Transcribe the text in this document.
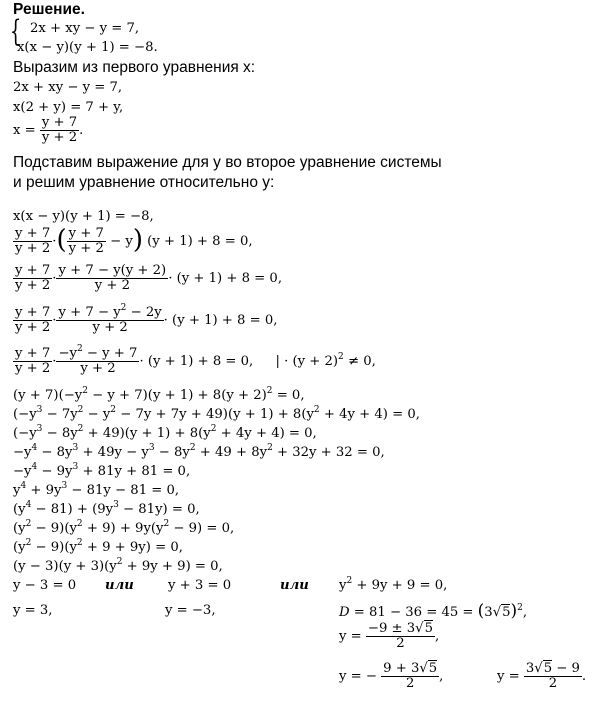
Решение.
{ 2x + xy − y = 7,
x(x − y)(y + 1) = −8.
Выразим из первого уравнения x:
2x + xy − y = 7,
x(2 + y) = 7 + y,
$x = \frac{y + 7}{y + 2}$ .
Подставим выражение для y во второе уравнение системы
и решим уравнение относительно y:
x(x − y)(y + 1) = −8,
$\frac{y + 7}{y + 2}$ ·( $\frac{y + 7}{y + 2} - y$) (y + 1) + 8 = 0,
$\frac{y + 7}{y + 2} \cdot \frac{y + 7 - y(y + 2)}{y + 2} \cdot (y + 1) + 8 = 0$,
$\frac{y + 7}{y + 2} \cdot \frac{y + 7 - y^2 - 2y}{y + 2} \cdot (y + 1) + 8 = 0$,
$\frac{y + 7}{y + 2} \cdot \frac{-y^2 - y + 7}{y + 2} \cdot (y + 1) + 8 = 0$, | · $(y + 2)^2 \ne 0$,
$(y + 7)(-y^2 - y + 7)(y + 1) + 8(y + 2)^2 = 0$,
$(-y^3 - 7y^2 - y^2 - 7y + 7y + 49)(y + 1) + 8(y^2 + 4y + 4) = 0$,
$(-y^3 - 8y^2 + 49)(y + 1) + 8(y^2 + 4y + 4) = 0$,
$-y^4 - 8y^3 + 49y - y^3 - 8y^2 + 49 + 8y^2 + 32y + 32 = 0$,
$-y^4 - 9y^3 + 81y + 81 = 0$,
$y^4 + 9y^3 - 81y - 81 = 0$,
$(y^4 - 81) + (9y^3 - 81y) = 0$,
$(y^2 - 9)(y^2 + 9) + 9y(y^2 - 9) = 0$,
$(y^2 - 9)(y^2 + 9 + 9y) = 0$,
$(y - 3)(y + 3)(y^2 + 9y + 9) = 0$,
y − 3 = 0 или	y + 3 = 0	или $y^2 + 9y + 9 = 0$,
y = 3,	y = −3,	$D = 81 - 36 = 45 = (3√5)^2$,
$y = \frac{-9 \pm 3√5}{2}$ ,
y = − $\frac{9 + 3√5}{2}$ ,	$y = \frac{3√5 - 9}{2}$ .
